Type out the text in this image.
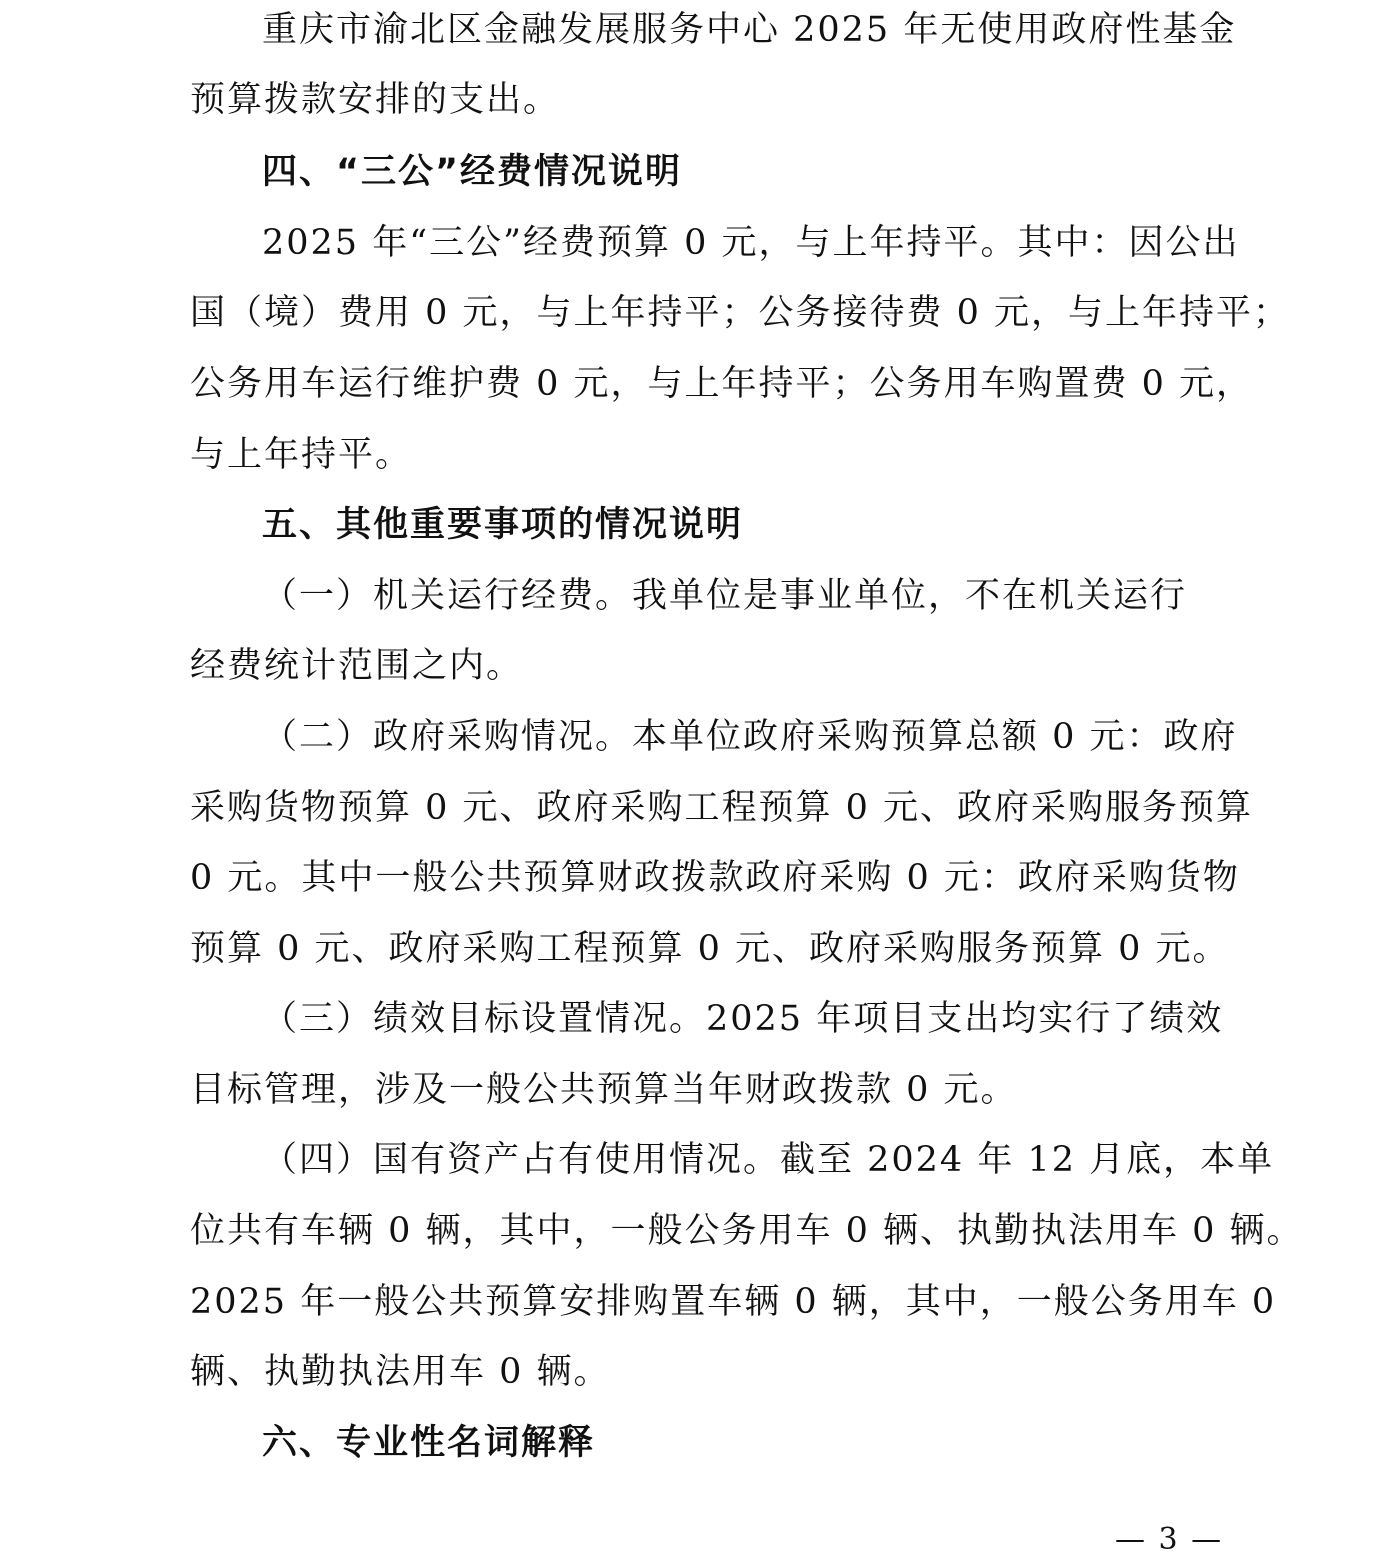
重庆市渝北区金融发展服务中心 2025 年无使用政府性基金
预算拨款安排的支出。
四、“三公”经费情况说明
2025 年“三公”经费预算 0 元，与上年持平。其中：因公出
国（境）费用 0 元，与上年持平；公务接待费 0 元，与上年持平；
公务用车运行维护费 0 元，与上年持平；公务用车购置费 0 元，
与上年持平。
五、其他重要事项的情况说明
（一）机关运行经费。我单位是事业单位，不在机关运行
经费统计范围之内。
（二）政府采购情况。本单位政府采购预算总额 0 元：政府
采购货物预算 0 元、政府采购工程预算 0 元、政府采购服务预算
0 元。其中一般公共预算财政拨款政府采购 0 元：政府采购货物
预算 0 元、政府采购工程预算 0 元、政府采购服务预算 0 元。
（三）绩效目标设置情况。2025 年项目支出均实行了绩效
目标管理，涉及一般公共预算当年财政拨款 0 元。
（四）国有资产占有使用情况。截至 2024 年 12 月底，本单
位共有车辆 0 辆，其中，一般公务用车 0 辆、执勤执法用车 0 辆。
2025 年一般公共预算安排购置车辆 0 辆，其中，一般公务用车 0
辆、执勤执法用车 0 辆。
六、专业性名词解释
— 3 —
